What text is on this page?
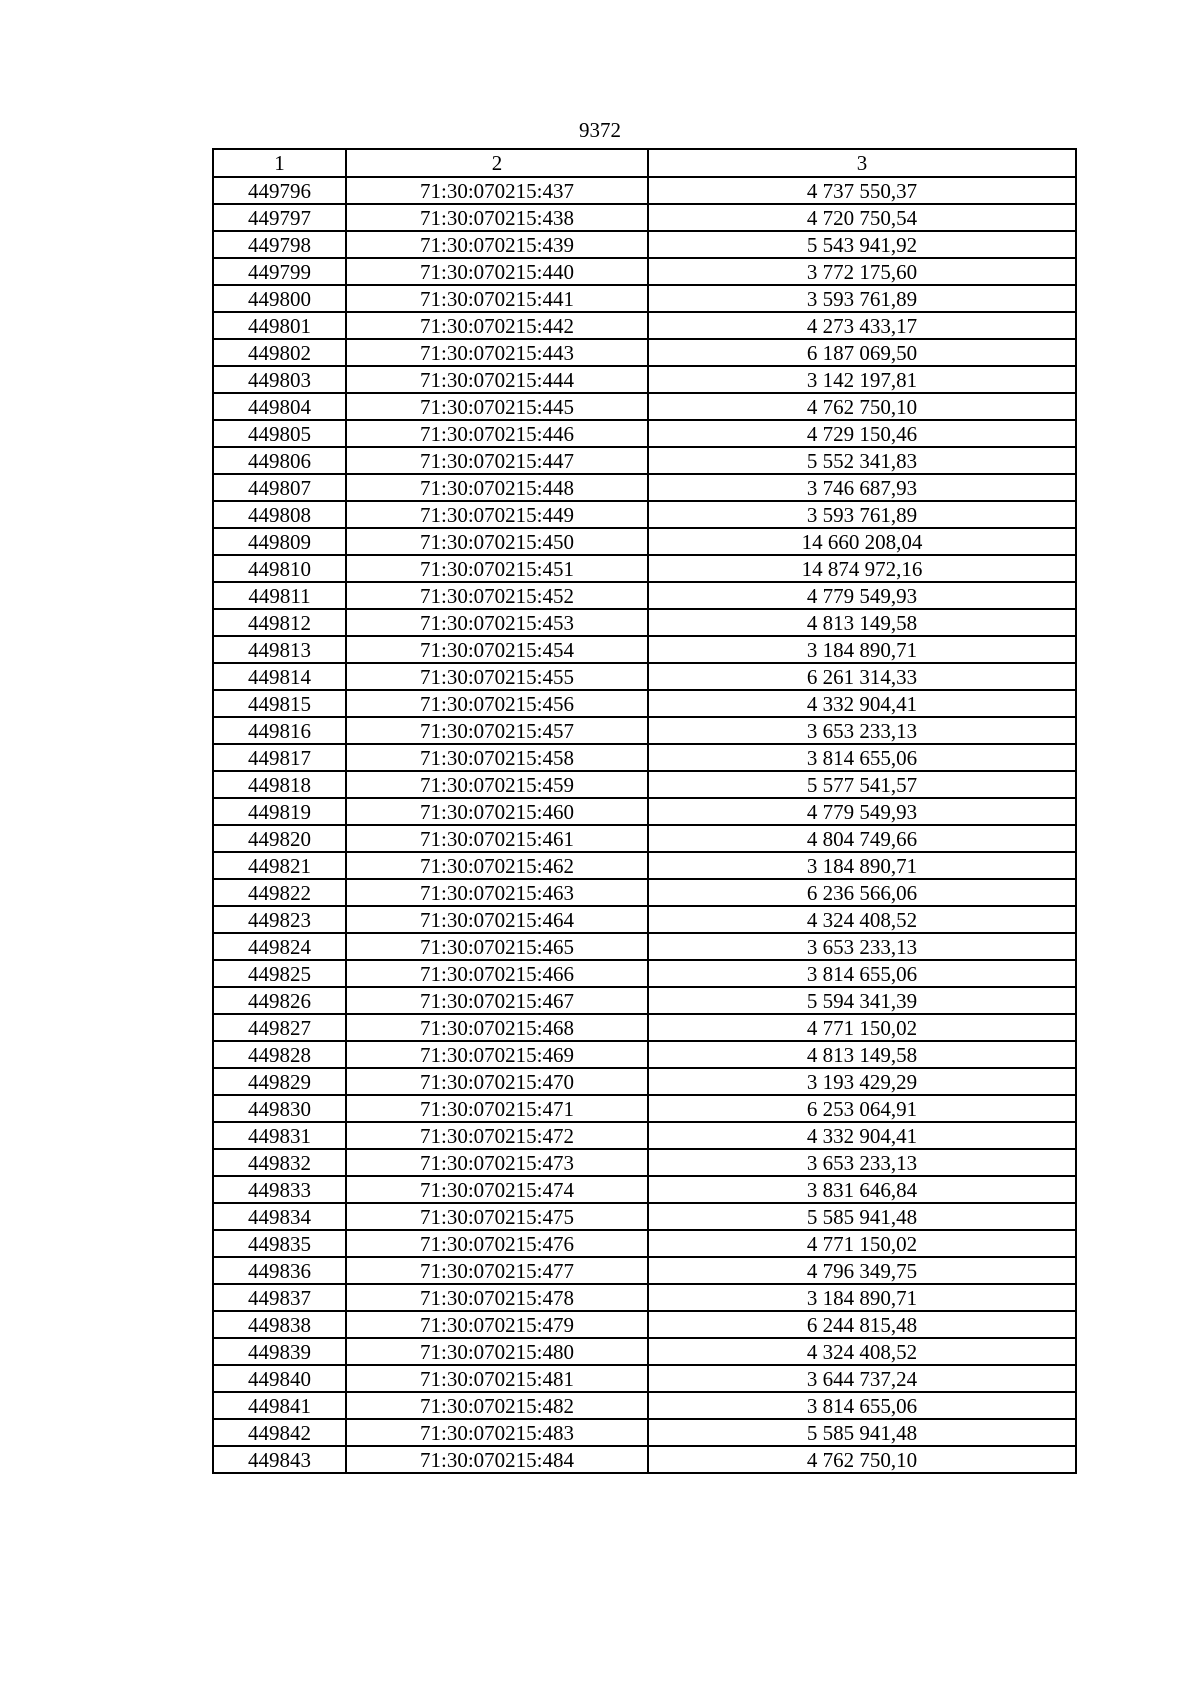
9372
1	2	3
449796	71:30:070215:437	4 737 550,37
449797	71:30:070215:438	4 720 750,54
449798	71:30:070215:439	5 543 941,92
449799	71:30:070215:440	3 772 175,60
449800	71:30:070215:441	3 593 761,89
449801	71:30:070215:442	4 273 433,17
449802	71:30:070215:443	6 187 069,50
449803	71:30:070215:444	3 142 197,81
449804	71:30:070215:445	4 762 750,10
449805	71:30:070215:446	4 729 150,46
449806	71:30:070215:447	5 552 341,83
449807	71:30:070215:448	3 746 687,93
449808	71:30:070215:449	3 593 761,89
449809	71:30:070215:450	14 660 208,04
449810	71:30:070215:451	14 874 972,16
449811	71:30:070215:452	4 779 549,93
449812	71:30:070215:453	4 813 149,58
449813	71:30:070215:454	3 184 890,71
449814	71:30:070215:455	6 261 314,33
449815	71:30:070215:456	4 332 904,41
449816	71:30:070215:457	3 653 233,13
449817	71:30:070215:458	3 814 655,06
449818	71:30:070215:459	5 577 541,57
449819	71:30:070215:460	4 779 549,93
449820	71:30:070215:461	4 804 749,66
449821	71:30:070215:462	3 184 890,71
449822	71:30:070215:463	6 236 566,06
449823	71:30:070215:464	4 324 408,52
449824	71:30:070215:465	3 653 233,13
449825	71:30:070215:466	3 814 655,06
449826	71:30:070215:467	5 594 341,39
449827	71:30:070215:468	4 771 150,02
449828	71:30:070215:469	4 813 149,58
449829	71:30:070215:470	3 193 429,29
449830	71:30:070215:471	6 253 064,91
449831	71:30:070215:472	4 332 904,41
449832	71:30:070215:473	3 653 233,13
449833	71:30:070215:474	3 831 646,84
449834	71:30:070215:475	5 585 941,48
449835	71:30:070215:476	4 771 150,02
449836	71:30:070215:477	4 796 349,75
449837	71:30:070215:478	3 184 890,71
449838	71:30:070215:479	6 244 815,48
449839	71:30:070215:480	4 324 408,52
449840	71:30:070215:481	3 644 737,24
449841	71:30:070215:482	3 814 655,06
449842	71:30:070215:483	5 585 941,48
449843	71:30:070215:484	4 762 750,10
